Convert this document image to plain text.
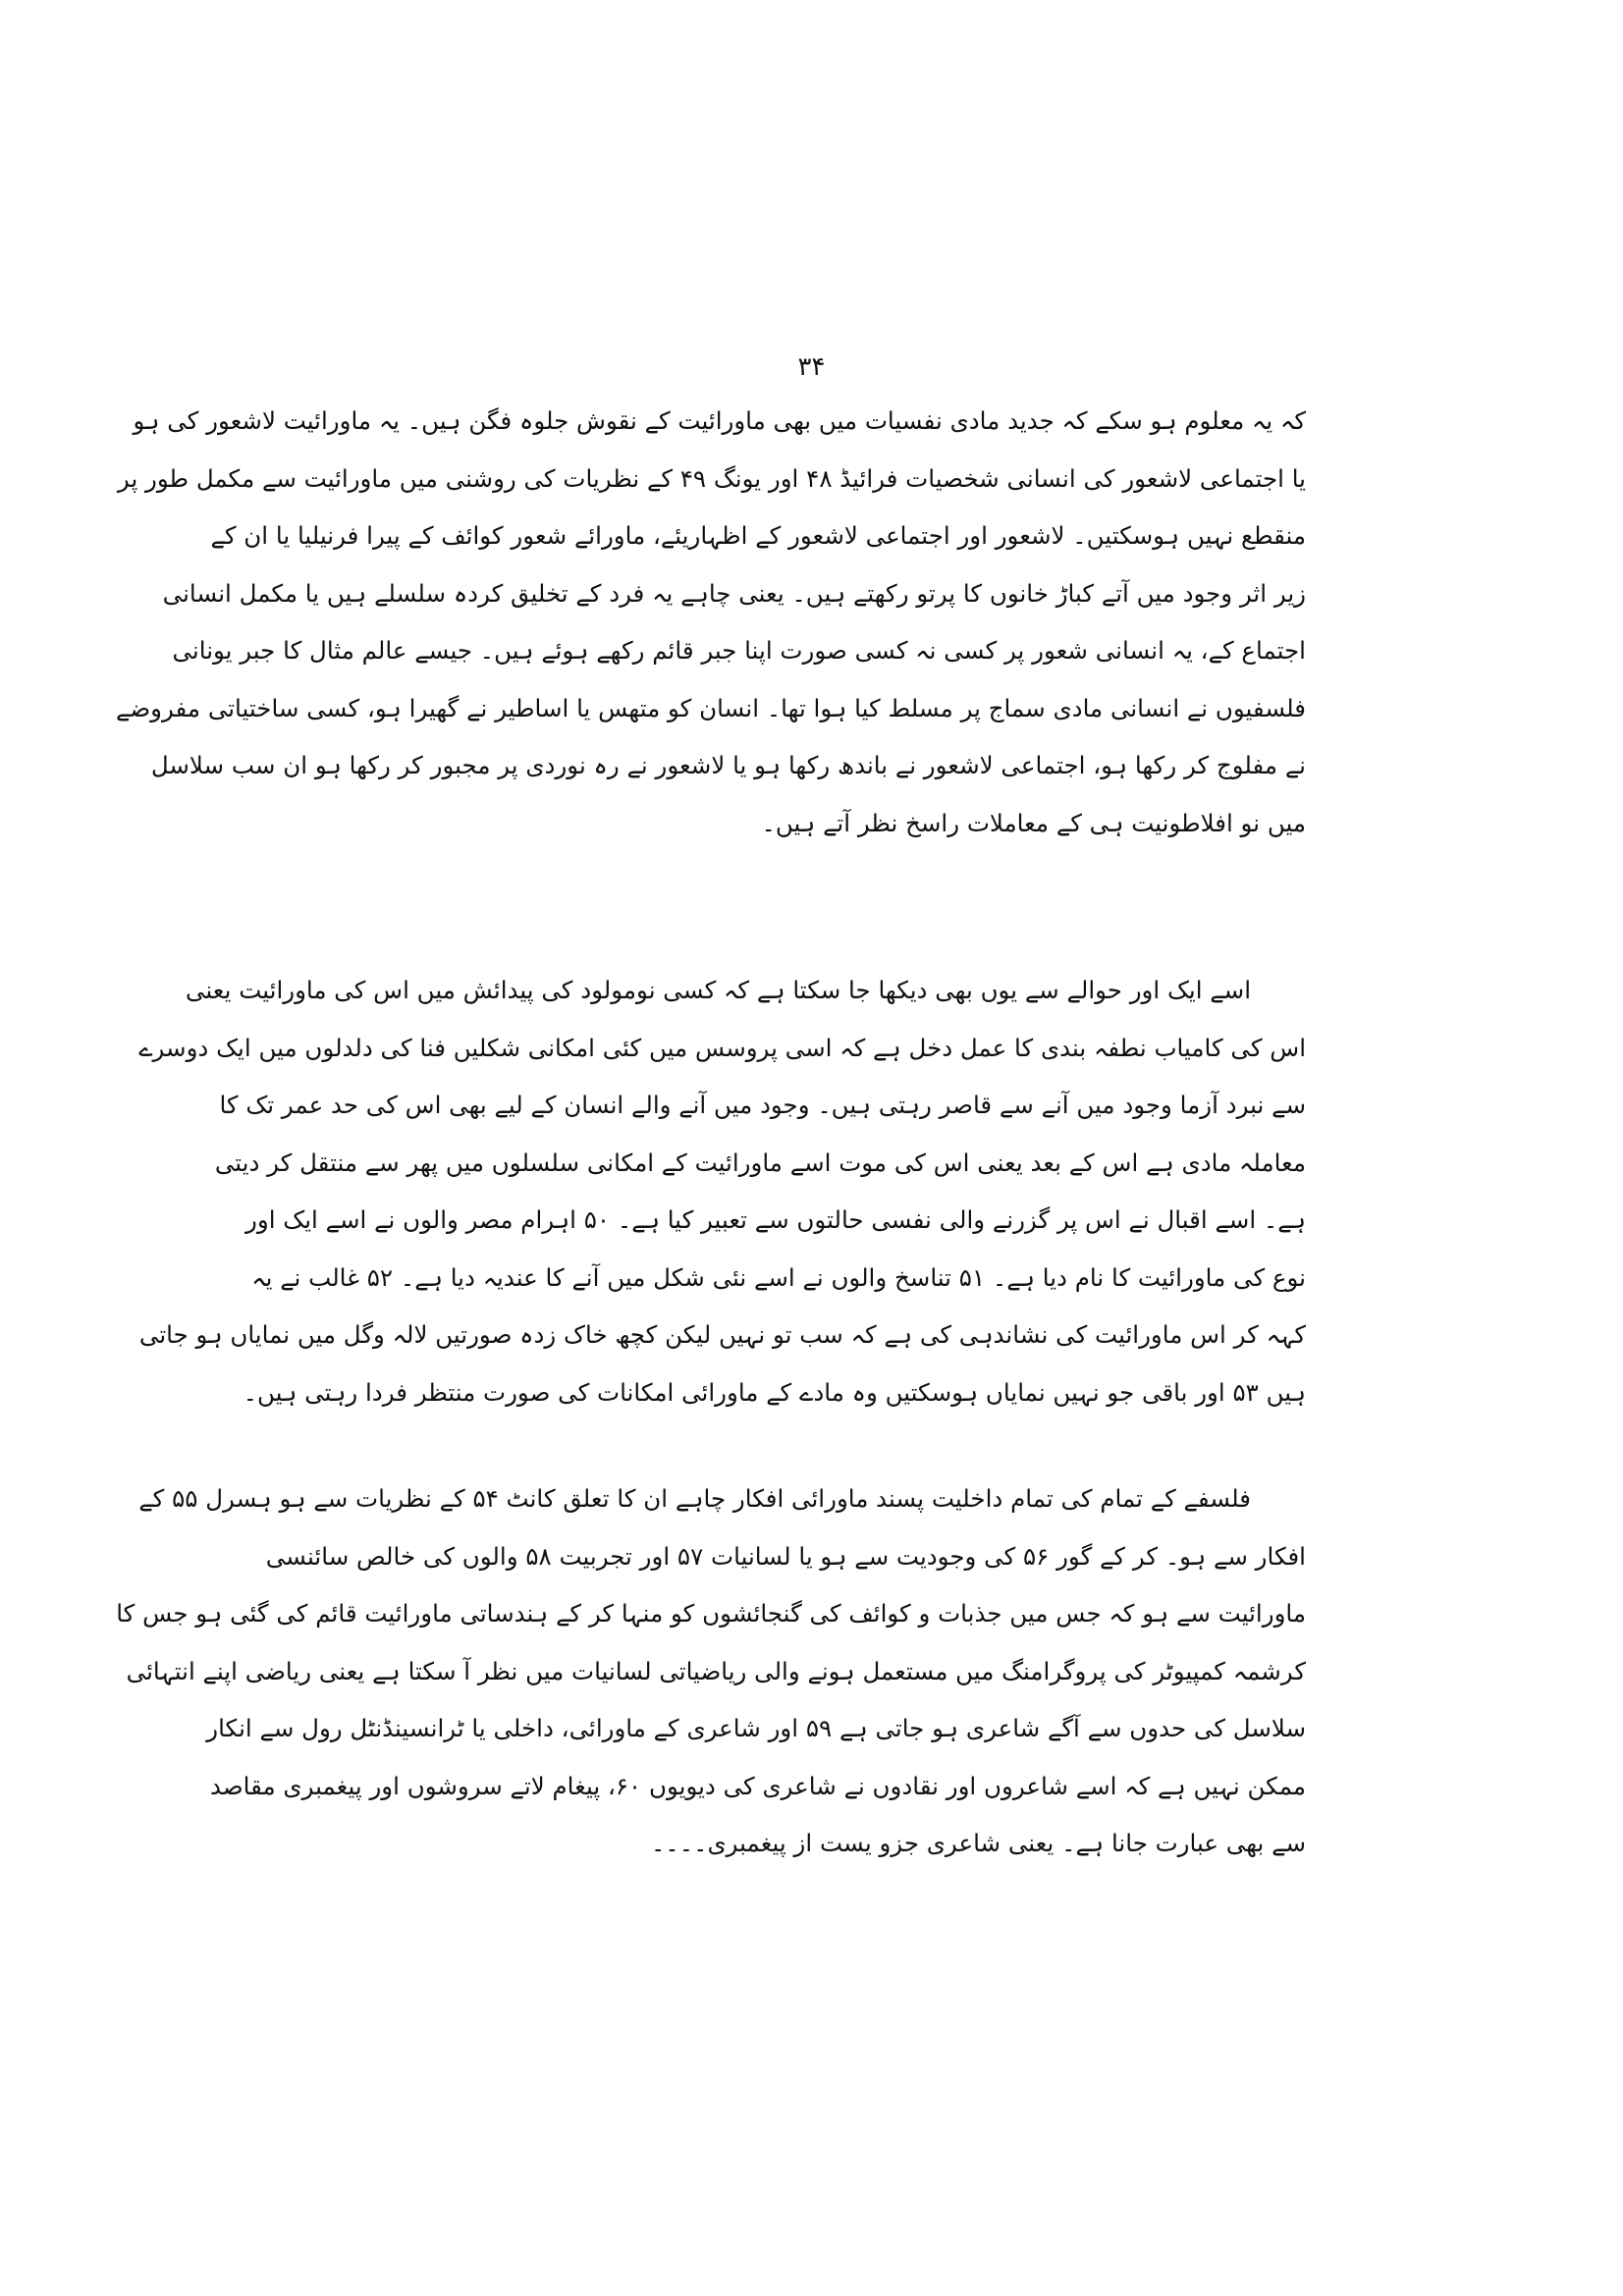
۳۴
کہ یہ معلوم ہو سکے کہ جدید مادی نفسیات میں بھی ماورائیت کے نقوش جلوہ فگن ہیں۔ یہ ماورائیت لاشعور کی ہو
یا اجتماعی لاشعور کی انسانی شخصیات فرائیڈ ۴۸ اور یونگ ۴۹ کے نظریات کی روشنی میں ماورائیت سے مکمل طور پر
منقطع نہیں ہوسکتیں۔ لاشعور اور اجتماعی لاشعور کے اظہاریئے، ماورائے شعور کوائف کے پیرا فرنیلیا یا ان کے
زیر اثر وجود میں آتے کباڑ خانوں کا پرتو رکھتے ہیں۔ یعنی چاہے یہ فرد کے تخلیق کردہ سلسلے ہیں یا مکمل انسانی
اجتماع کے، یہ انسانی شعور پر کسی نہ کسی صورت اپنا جبر قائم رکھے ہوئے ہیں۔ جیسے عالم مثال کا جبر یونانی
فلسفیوں نے انسانی مادی سماج پر مسلط کیا ہوا تھا۔ انسان کو متھس یا اساطیر نے گھیرا ہو، کسی ساختیاتی مفروضے
نے مفلوج کر رکھا ہو، اجتماعی لاشعور نے باندھ رکھا ہو یا لاشعور نے رہ نوردی پر مجبور کر رکھا ہو ان سب سلاسل
میں نو افلاطونیت ہی کے معاملات راسخ نظر آتے ہیں۔
اسے ایک اور حوالے سے یوں بھی دیکھا جا سکتا ہے کہ کسی نومولود کی پیدائش میں اس کی ماورائیت یعنی
اس کی کامیاب نطفہ بندی کا عمل دخل ہے کہ اسی پروسس میں کئی امکانی شکلیں فنا کی دلدلوں میں ایک دوسرے
سے نبرد آزما وجود میں آنے سے قاصر رہتی ہیں۔ وجود میں آنے والے انسان کے لیے بھی اس کی حد عمر تک کا
معاملہ مادی ہے اس کے بعد یعنی اس کی موت اسے ماورائیت کے امکانی سلسلوں میں پھر سے منتقل کر دیتی
ہے۔ اسے اقبال نے اس پر گزرنے والی نفسی حالتوں سے تعبیر کیا ہے۔ ۵۰ اہرام مصر والوں نے اسے ایک اور
نوع کی ماورائیت کا نام دیا ہے۔ ۵۱ تناسخ والوں نے اسے نئی شکل میں آنے کا عندیہ دیا ہے۔ ۵۲ غالب نے یہ
کہہ کر اس ماورائیت کی نشاندہی کی ہے کہ سب تو نہیں لیکن کچھ خاک زدہ صورتیں لالہ وگل میں نمایاں ہو جاتی
ہیں ۵۳ اور باقی جو نہیں نمایاں ہوسکتیں وہ مادے کے ماورائی امکانات کی صورت منتظر فردا رہتی ہیں۔
فلسفے کے تمام کی تمام داخلیت پسند ماورائی افکار چاہے ان کا تعلق کانٹ ۵۴ کے نظریات سے ہو ہسرل ۵۵ کے
افکار سے ہو۔ کر کے گور ۵۶ کی وجودیت سے ہو یا لسانیات ۵۷ اور تجربیت ۵۸ والوں کی خالص سائنسی
ماورائیت سے ہو کہ جس میں جذبات و کوائف کی گنجائشوں کو منہا کر کے ہندساتی ماورائیت قائم کی گئی ہو جس کا
کرشمہ کمپیوٹر کی پروگرامنگ میں مستعمل ہونے والی ریاضیاتی لسانیات میں نظر آ سکتا ہے یعنی ریاضی اپنے انتہائی
سلاسل کی حدوں سے آگے شاعری ہو جاتی ہے ۵۹ اور شاعری کے ماورائی، داخلی یا ٹرانسینڈنٹل رول سے انکار
ممکن نہیں ہے کہ اسے شاعروں اور نقادوں نے شاعری کی دیویوں ۶۰، پیغام لاتے سروشوں اور پیغمبری مقاصد
سے بھی عبارت جانا ہے۔ یعنی شاعری جزو یست از پیغمبری۔۔۔۔
